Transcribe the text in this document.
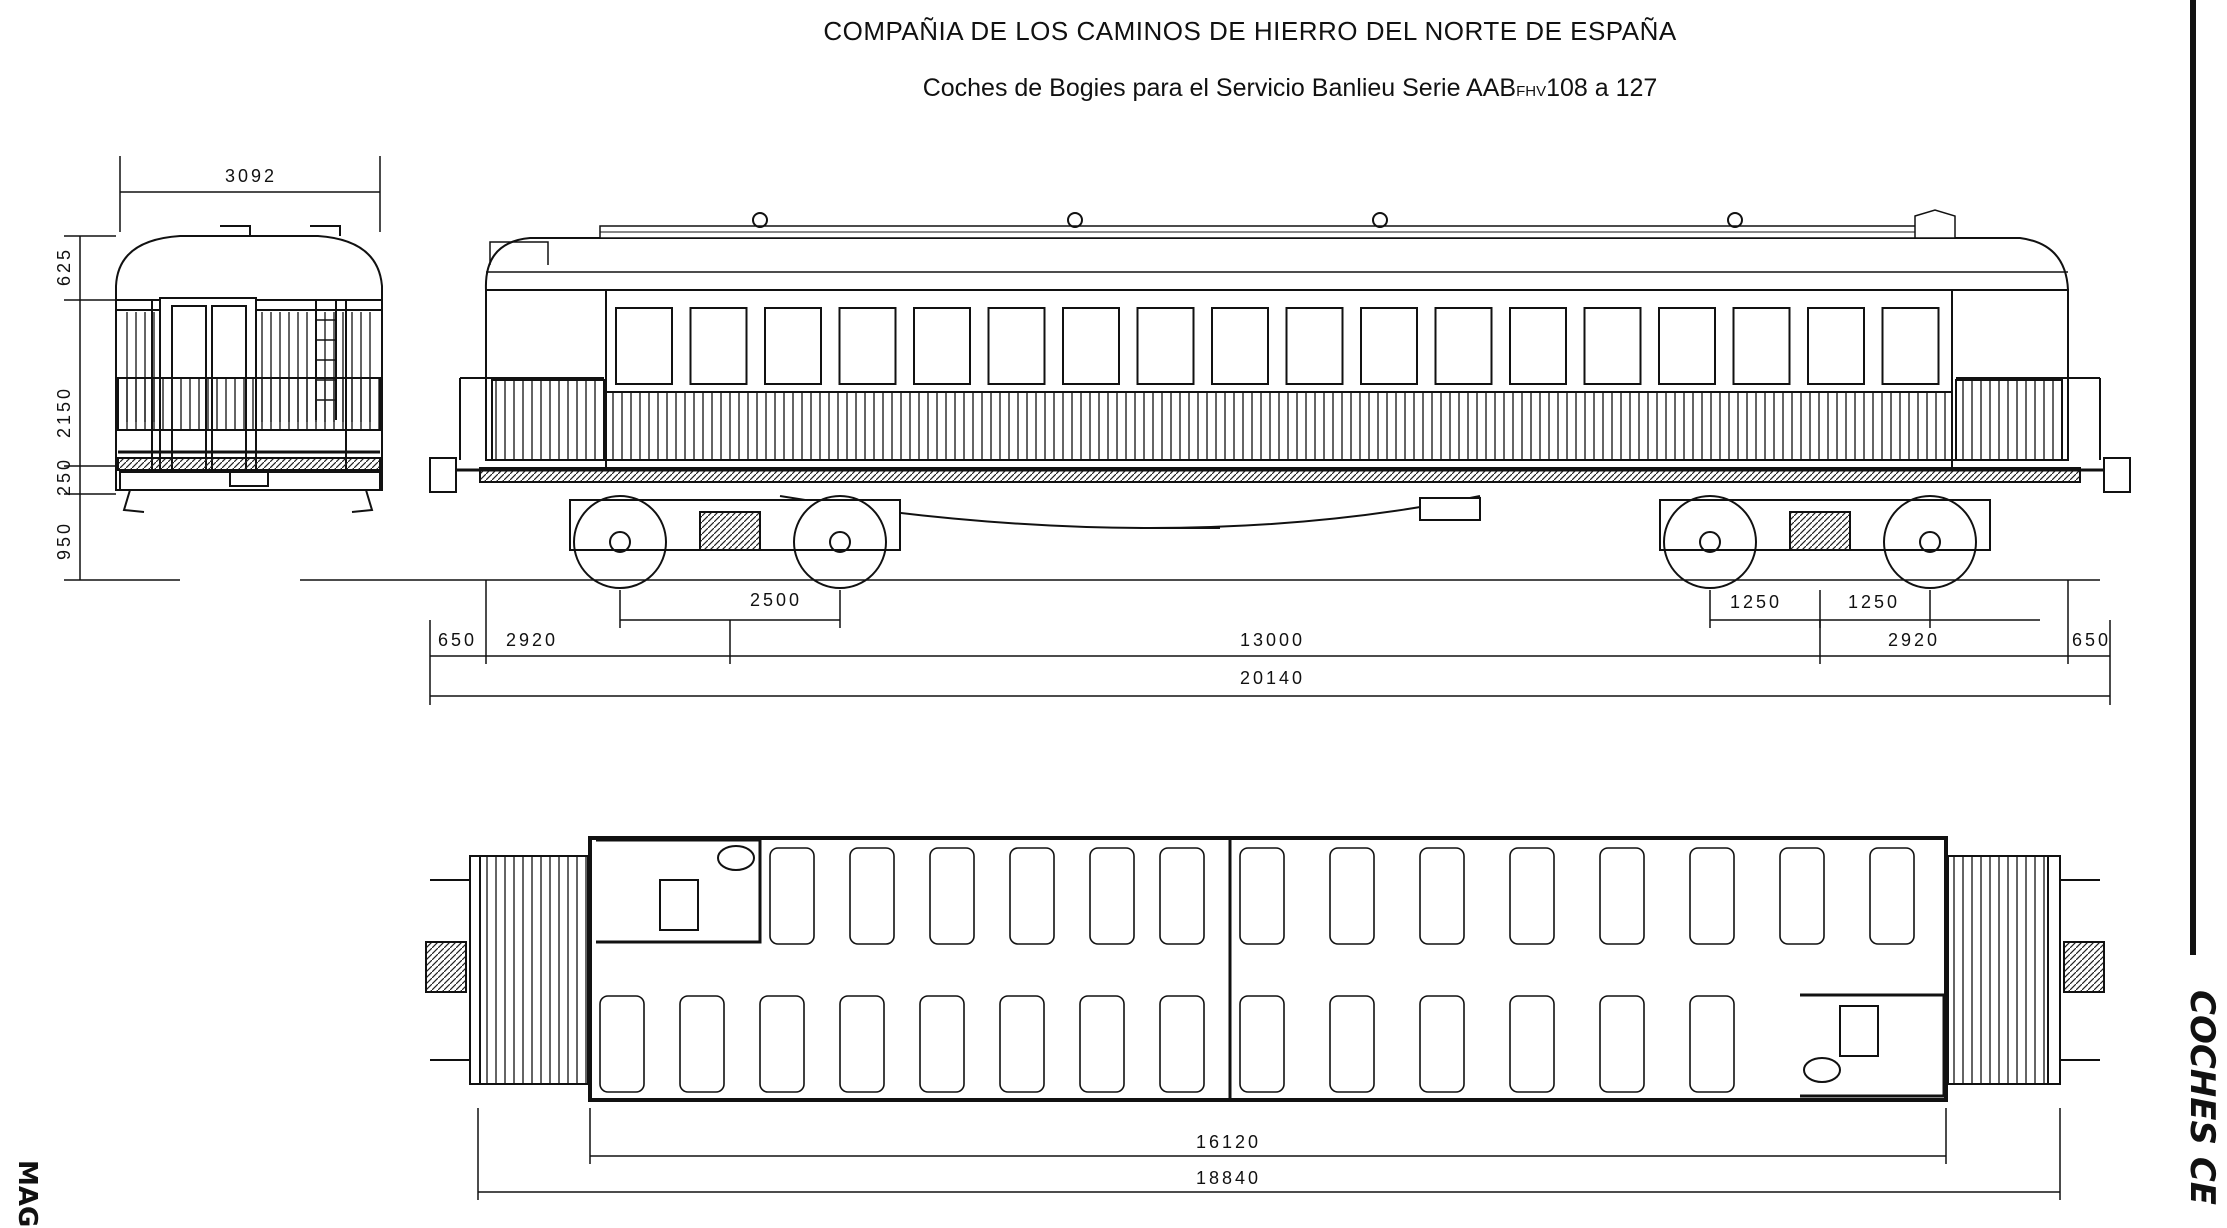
COMPAÑIA DE LOS CAMINOS DE HIERRO DEL NORTE DE ESPAÑA
Coches de Bogies para el Servicio Banlieu Serie AABFHV108 a 127
3092
625
2150
250
950
2500	1250	1250
650 2920	13000	2920	650
20140
16120
18840	COCHES CE
MAG
